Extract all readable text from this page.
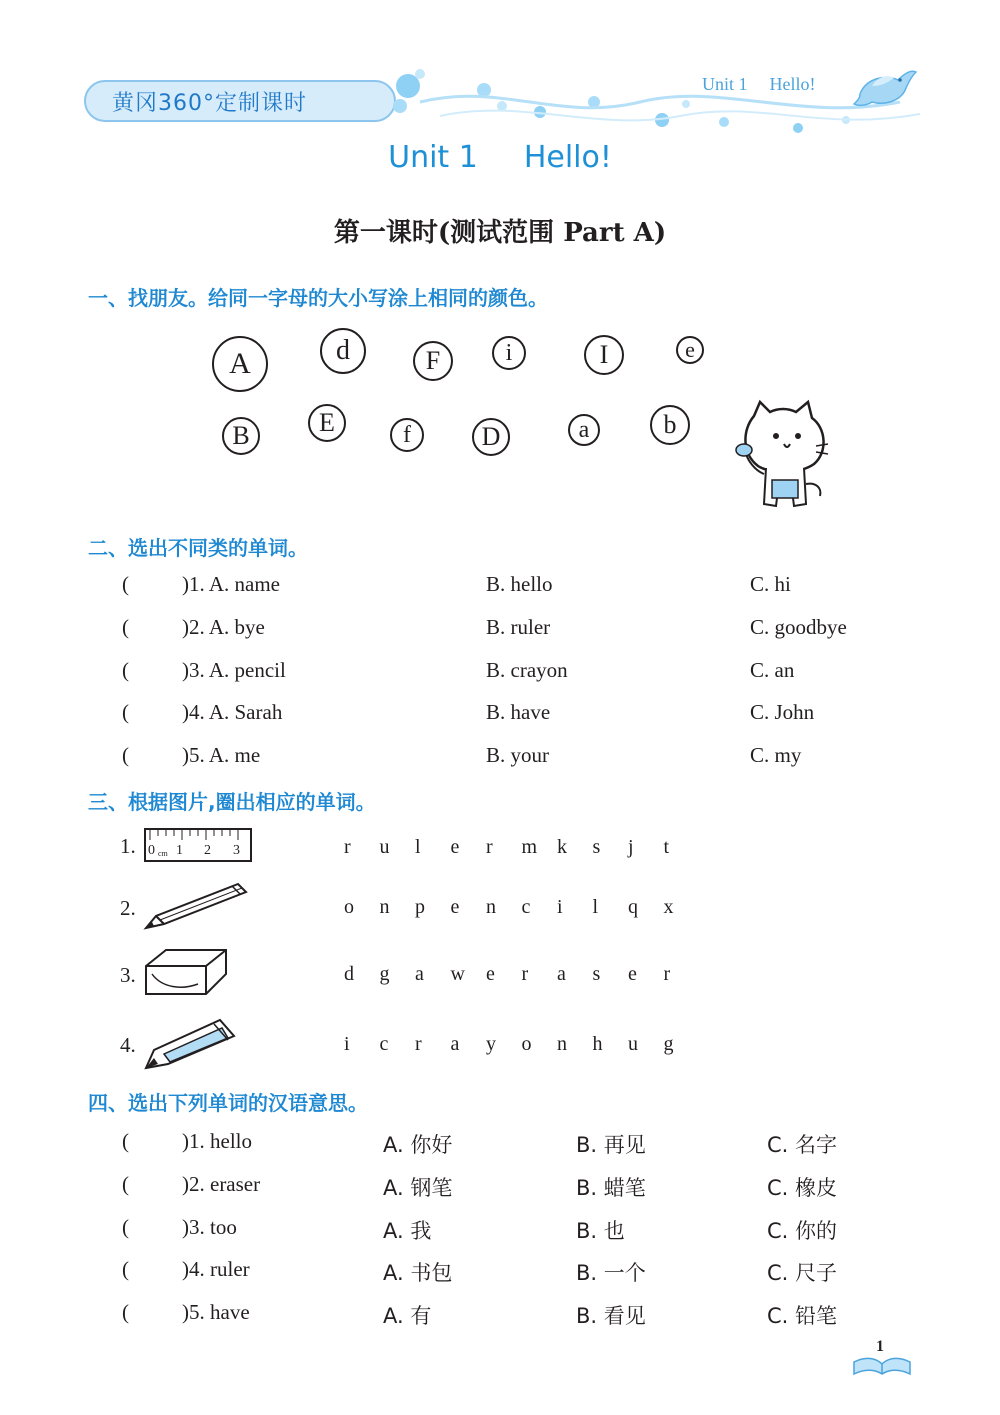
黄冈360°定制课时
Unit 1 Hello!
Unit 1 Hello!
第一课时(测试范围 Part A)
一、找朋友。给同一字母的大小写涂上相同的颜色。
A	d	F	i	I	e
B	E	f	D	a	b
二、选出不同类的单词。
(	)1. A. name	B. hello	C. hi
(	)2. A. bye	B. ruler	C. goodbye
(	)3. A. pencil	B. crayon	C. an
(	)4. A. Sarah	B. have	C. John
(	)5. A. me	B. your	C. my
三、根据图片,圈出相应的单词。
1. 0 cm 1 2 3	r u l e r m k s j t
2.	o n p e n c i l q x
3.	d g a w e r a s e r
4.	i c r a y o n h u g
四、选出下列单词的汉语意思。
(	)1. hello	A. 你好	B. 再见	C. 名字
(	)2. eraser	A. 钢笔	B. 蜡笔	C. 橡皮
(	)3. too	A. 我	B. 也	C. 你的
(	)4. ruler	A. 书包	B. 一个	C. 尺子
(	)5. have	A. 有	B. 看见	C. 铅笔
1
